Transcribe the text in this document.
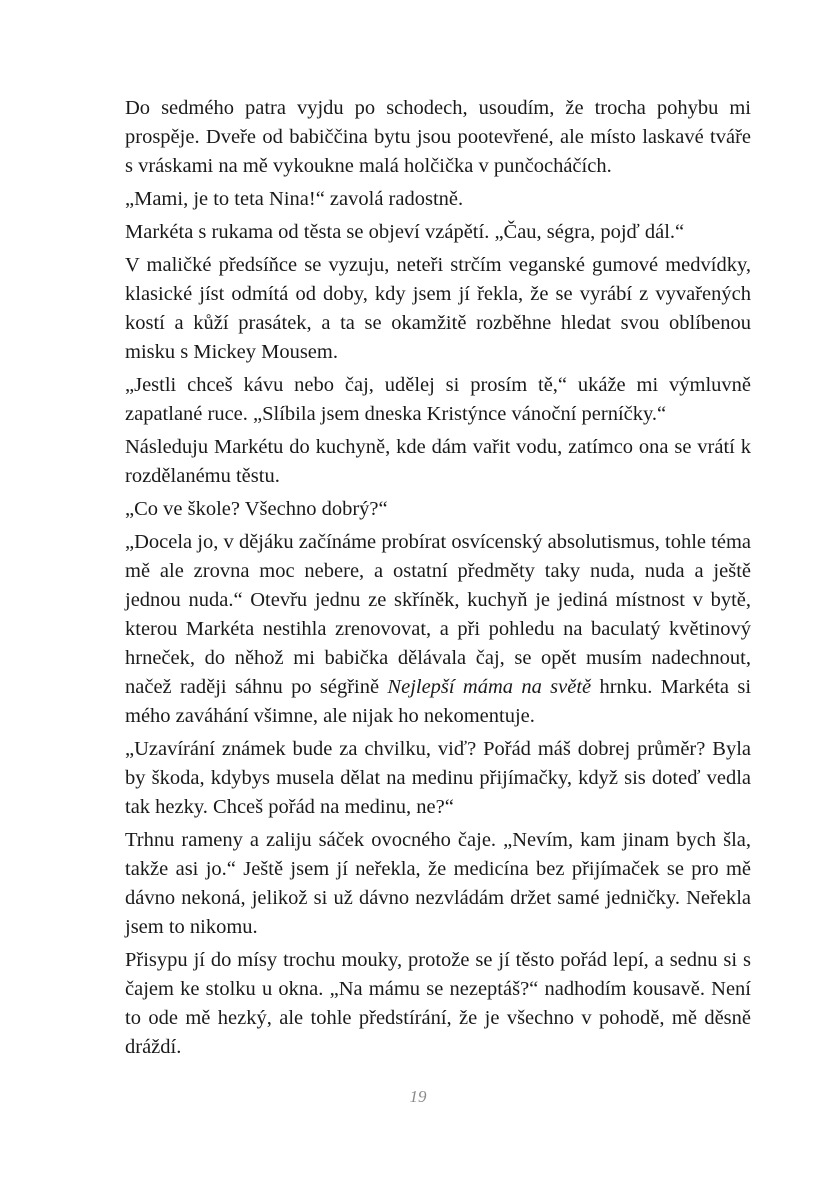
Do sedmého patra vyjdu po schodech, usoudím, že trocha pohybu mi prospěje. Dveře od babiččina bytu jsou pootevřené, ale místo laskavé tváře s vráskami na mě vykoukne malá holčička v punčocháčích.

„Mami, je to teta Nina!“ zavolá radostně.

Markéta s rukama od těsta se objeví vzápětí. „Čau, ségra, pojď dál.“

V maličké předsíňce se vyzuju, neteři strčím veganské gumové medvídky, klasické jíst odmítá od doby, kdy jsem jí řekla, že se vyrábí z vyvařených kostí a kůží prasátek, a ta se okamžitě rozběhne hledat svou oblíbenou misku s Mickey Mousem.

„Jestli chceš kávu nebo čaj, udělej si prosím tě,“ ukáže mi výmluvně zapatlané ruce. „Slíbila jsem dneska Kristýnce vánoční perníčky.“

Následuju Markétu do kuchyně, kde dám vařit vodu, zatímco ona se vrátí k rozdělanému těstu.

„Co ve škole? Všechno dobrý?“

„Docela jo, v dějáku začínáme probírat osvícenský absolutismus, tohle téma mě ale zrovna moc nebere, a ostatní předměty taky nuda, nuda a ještě jednou nuda.“ Otevřu jednu ze skříněk, kuchyň je jediná místnost v bytě, kterou Markéta nestihla zrenovovat, a při pohledu na baculatý květinový hrneček, do něhož mi babička dělávala čaj, se opět musím nadechnout, načež raději sáhnu po ségřině Nejlepší máma na světě hrnku. Markéta si mého zaváhání všimne, ale nijak ho nekomentuje.

„Uzavírání známek bude za chvilku, viď? Pořád máš dobrej průměr? Byla by škoda, kdybys musela dělat na medinu přijímačky, když sis doteď vedla tak hezky. Chceš pořád na medinu, ne?“

Trhnu rameny a zaliju sáček ovocného čaje. „Nevím, kam jinam bych šla, takže asi jo.“ Ještě jsem jí neřekla, že medicína bez přijímaček se pro mě dávno nekoná, jelikož si už dávno nezvládám držet samé jedničky. Neřekla jsem to nikomu.

Přisypu jí do mísy trochu mouky, protože se jí těsto pořád lepí, a sednu si s čajem ke stolku u okna. „Na mámu se nezeptáš?“ nadhodím kousavě. Není to ode mě hezký, ale tohle předstírání, že je všechno v pohodě, mě děsně dráždí.

19
